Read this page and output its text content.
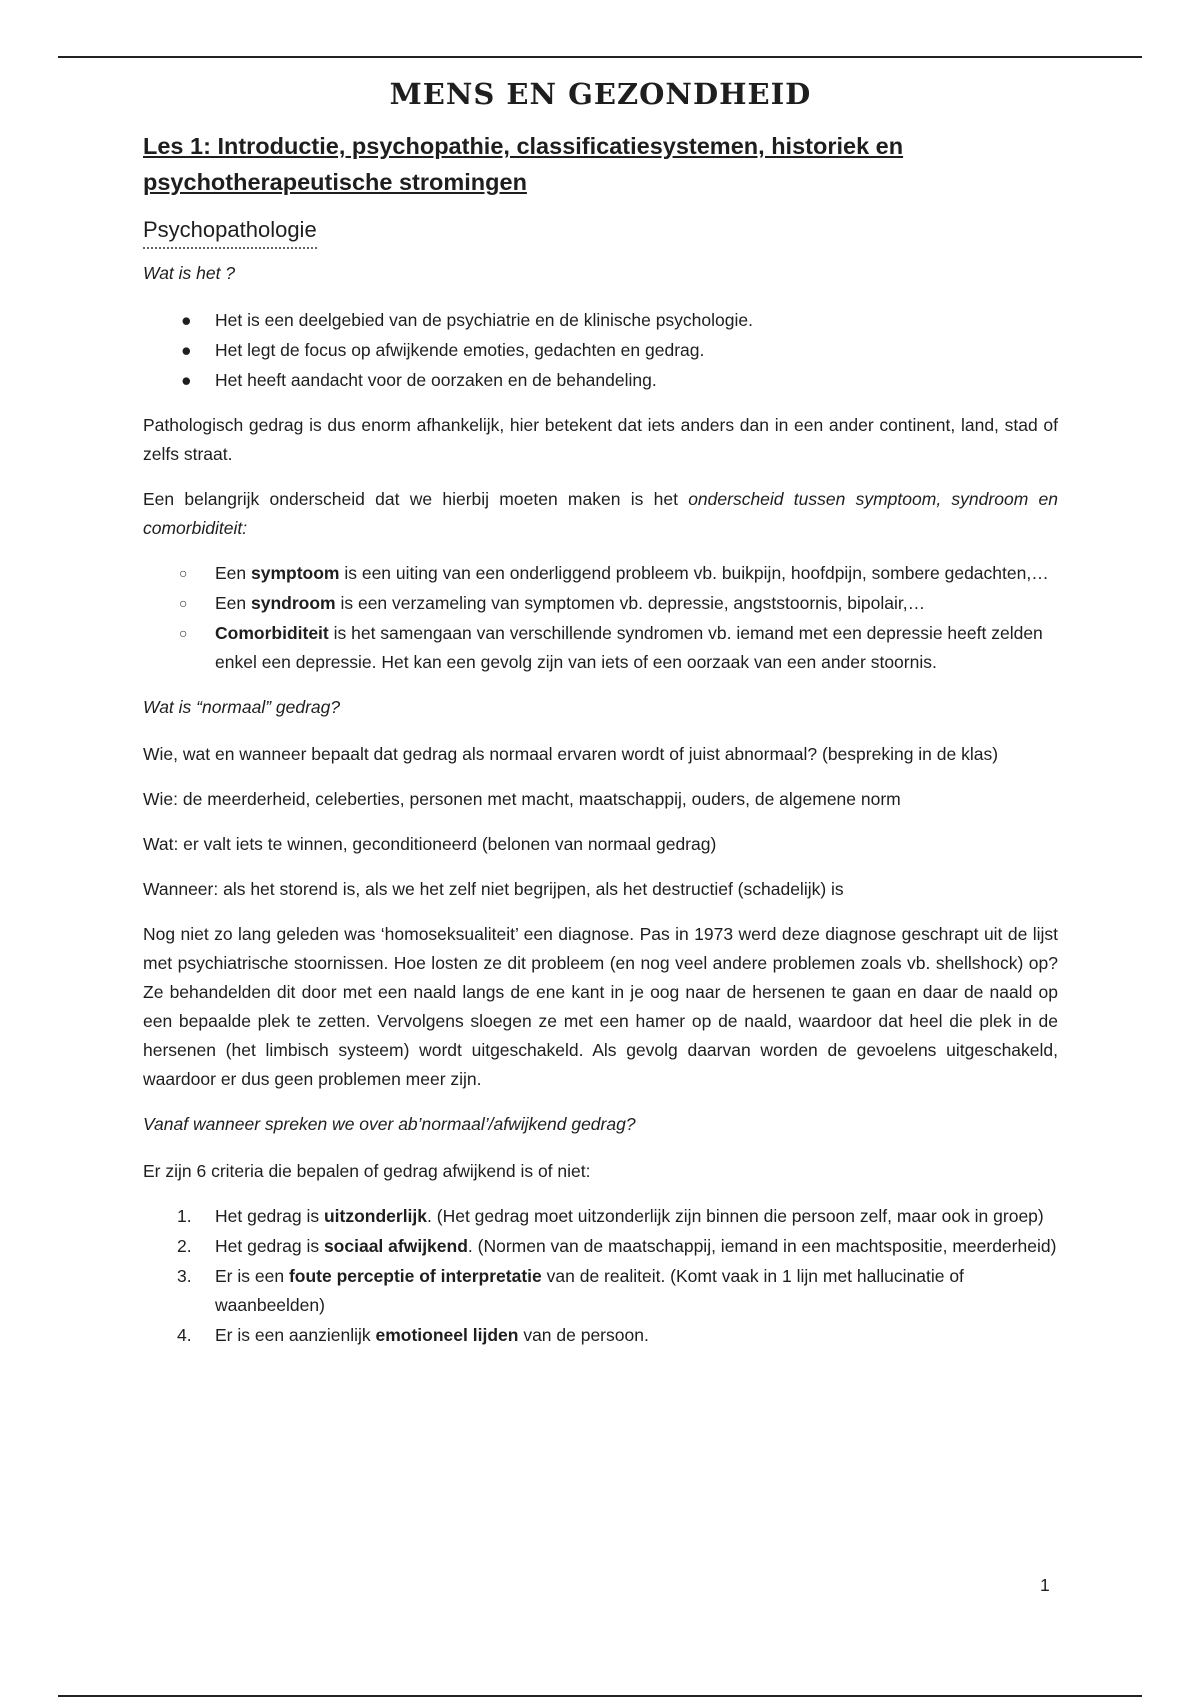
MENS EN GEZONDHEID
Les 1: Introductie, psychopathie, classificatiesystemen, historiek en psychotherapeutische stromingen
Psychopathologie
Wat is het ?
● Het is een deelgebied van de psychiatrie en de klinische psychologie.
● Het legt de focus op afwijkende emoties, gedachten en gedrag.
● Het heeft aandacht voor de oorzaken en de behandeling.

Pathologisch gedrag is dus enorm afhankelijk, hier betekent dat iets anders dan in een ander continent, land, stad of zelfs straat.

Een belangrijk onderscheid dat we hierbij moeten maken is het onderscheid tussen symptoom, syndroom en comorbiditeit:

○ Een symptoom is een uiting van een onderliggend probleem vb. buikpijn, hoofdpijn, sombere gedachten,…
○ Een syndroom is een verzameling van symptomen vb. depressie, angststoornis, bipolair,…
○ Comorbiditeit is het samengaan van verschillende syndromen vb. iemand met een depressie heeft zelden enkel een depressie. Het kan een gevolg zijn van iets of een oorzaak van een ander stoornis.
Wat is “normaal” gedrag?

Wie, wat en wanneer bepaalt dat gedrag als normaal ervaren wordt of juist abnormaal? (bespreking in de klas)

Wie: de meerderheid, celeberties, personen met macht, maatschappij, ouders, de algemene norm

Wat: er valt iets te winnen, geconditioneerd (belonen van normaal gedrag)

Wanneer: als het storend is, als we het zelf niet begrijpen, als het destructief (schadelijk) is

Nog niet zo lang geleden was ‘homoseksualiteit’ een diagnose. Pas in 1973 werd deze diagnose geschrapt uit de lijst met psychiatrische stoornissen. Hoe losten ze dit probleem (en nog veel andere problemen zoals vb. shellshock) op? Ze behandelden dit door met een naald langs de ene kant in je oog naar de hersenen te gaan en daar de naald op een bepaalde plek te zetten. Vervolgens sloegen ze met een hamer op de naald, waardoor dat heel die plek in de hersenen (het limbisch systeem) wordt uitgeschakeld. Als gevolg daarvan worden de gevoelens uitgeschakeld, waardoor er dus geen problemen meer zijn.

Vanaf wanneer spreken we over ab’normaal’/afwijkend gedrag?

Er zijn 6 criteria die bepalen of gedrag afwijkend is of niet:

1. Het gedrag is uitzonderlijk. (Het gedrag moet uitzonderlijk zijn binnen die persoon zelf, maar ook in groep)
2. Het gedrag is sociaal afwijkend. (Normen van de maatschappij, iemand in een machtspositie, meerderheid)
3. Er is een foute perceptie of interpretatie van de realiteit. (Komt vaak in 1 lijn met hallucinatie of waanbeelden)
4. Er is een aanzienlijk emotioneel lijden van de persoon.
1
